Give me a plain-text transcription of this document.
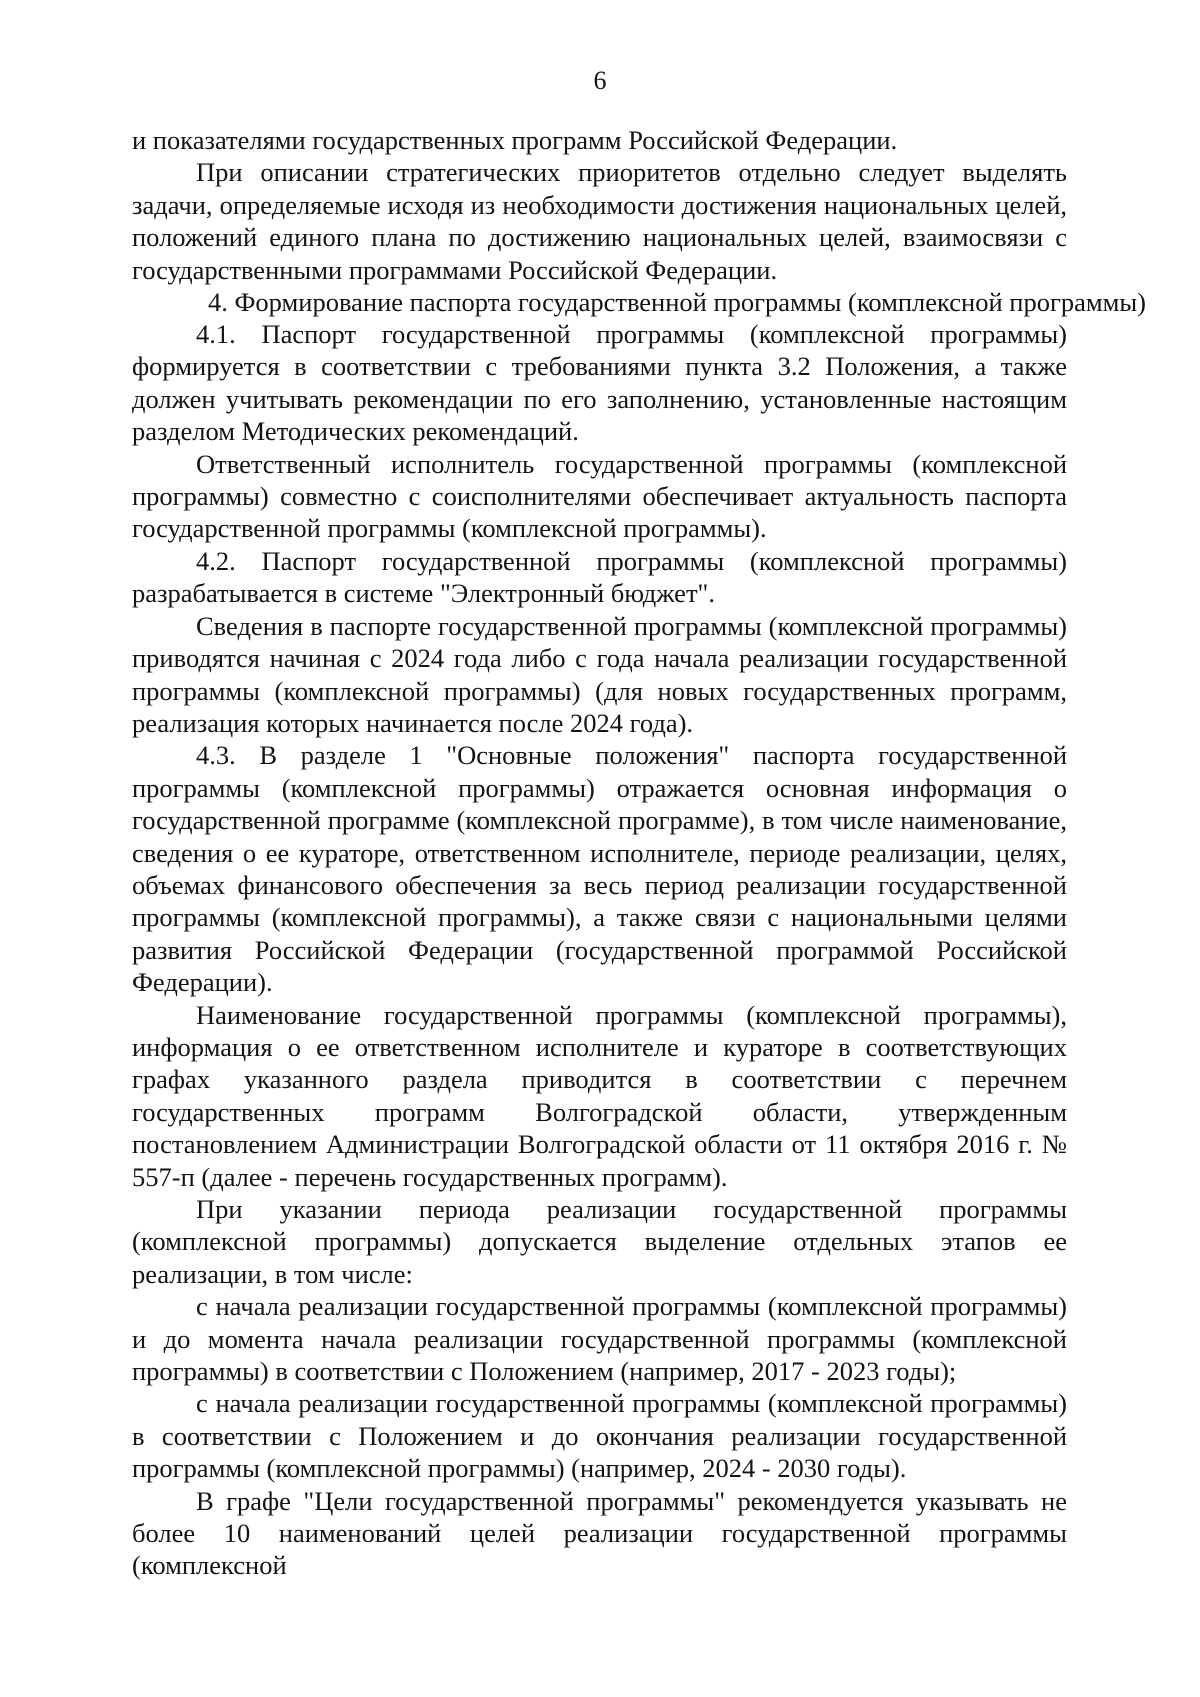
6

и показателями государственных программ Российской Федерации.

При описании стратегических приоритетов отдельно следует выделять задачи, определяемые исходя из необходимости достижения национальных целей, положений единого плана по достижению национальных целей, взаимосвязи с государственными программами Российской Федерации.

4. Формирование паспорта государственной программы (комплексной программы)

4.1. Паспорт государственной программы (комплексной программы) формируется в соответствии с требованиями пункта 3.2 Положения, а также должен учитывать рекомендации по его заполнению, установленные настоящим разделом Методических рекомендаций.

Ответственный исполнитель государственной программы (комплексной программы) совместно с соисполнителями обеспечивает актуальность паспорта государственной программы (комплексной программы).

4.2. Паспорт государственной программы (комплексной программы) разрабатывается в системе "Электронный бюджет".

Сведения в паспорте государственной программы (комплексной программы) приводятся начиная с 2024 года либо с года начала реализации государственной программы (комплексной программы) (для новых государственных программ, реализация которых начинается после 2024 года).

4.3. В разделе 1 "Основные положения" паспорта государственной программы (комплексной программы) отражается основная информация о государственной программе (комплексной программе), в том числе наименование, сведения о ее кураторе, ответственном исполнителе, периоде реализации, целях, объемах финансового обеспечения за весь период реализации государственной программы (комплексной программы), а также связи с национальными целями развития Российской Федерации (государственной программой Российской Федерации).

Наименование государственной программы (комплексной программы), информация о ее ответственном исполнителе и кураторе в соответствующих графах указанного раздела приводится в соответствии с перечнем государственных программ Волгоградской области, утвержденным постановлением Администрации Волгоградской области от 11 октября 2016 г. № 557-п (далее - перечень государственных программ).

При указании периода реализации государственной программы (комплексной программы) допускается выделение отдельных этапов ее реализации, в том числе:

с начала реализации государственной программы (комплексной программы) и до момента начала реализации государственной программы (комплексной программы) в соответствии с Положением (например, 2017 - 2023 годы);

с начала реализации государственной программы (комплексной программы) в соответствии с Положением и до окончания реализации государственной программы (комплексной программы) (например, 2024 - 2030 годы).

В графе "Цели государственной программы" рекомендуется указывать не более 10 наименований целей реализации государственной программы (комплексной
